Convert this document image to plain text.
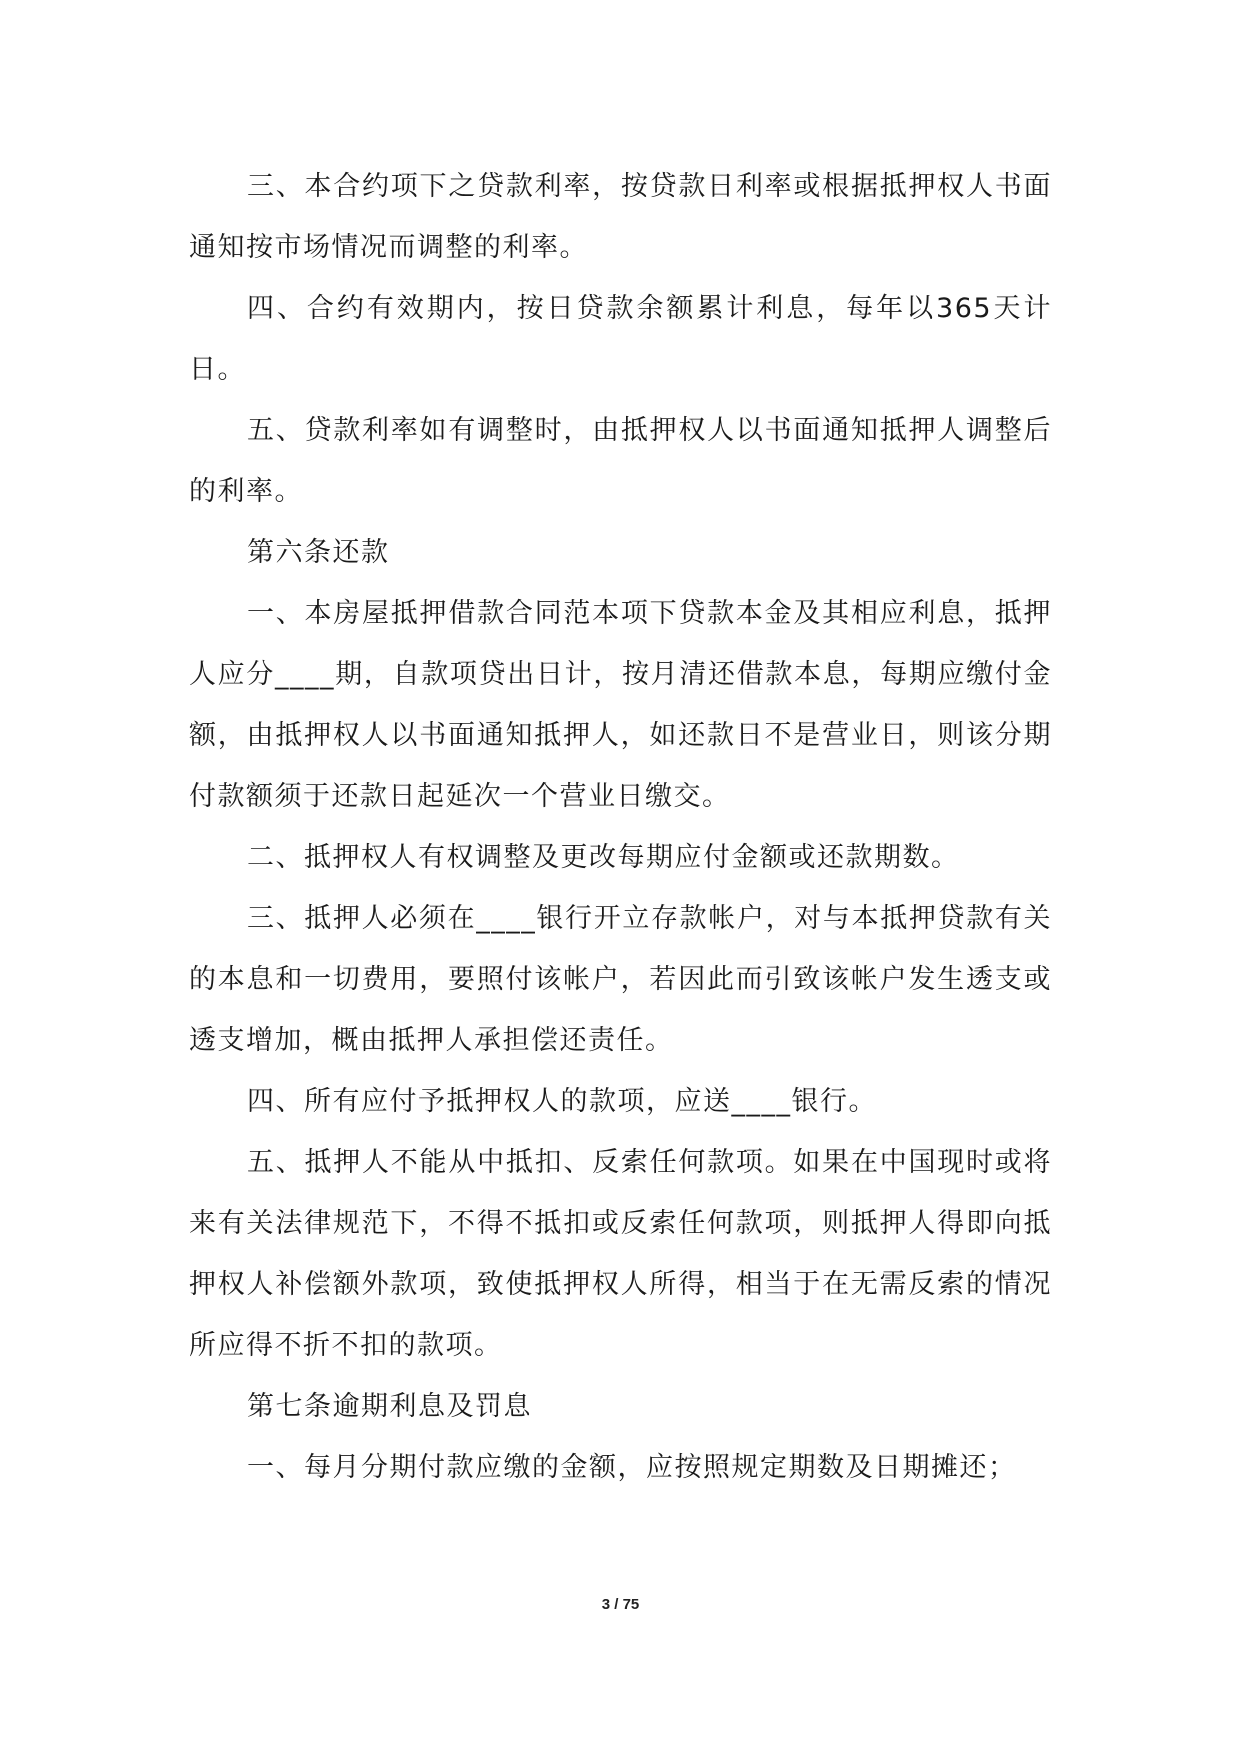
三、本合约项下之贷款利率，按贷款日利率或根据抵押权人书面通知按市场情况而调整的利率。

四、合约有效期内，按日贷款余额累计利息，每年以365天计日。

五、贷款利率如有调整时，由抵押权人以书面通知抵押人调整后的利率。

第六条还款

一、本房屋抵押借款合同范本项下贷款本金及其相应利息，抵押人应分____期，自款项贷出日计，按月清还借款本息，每期应缴付金额，由抵押权人以书面通知抵押人，如还款日不是营业日，则该分期付款额须于还款日起延次一个营业日缴交。

二、抵押权人有权调整及更改每期应付金额或还款期数。

三、抵押人必须在____银行开立存款帐户，对与本抵押贷款有关的本息和一切费用，要照付该帐户，若因此而引致该帐户发生透支或透支增加，概由抵押人承担偿还责任。

四、所有应付予抵押权人的款项，应送____银行。

五、抵押人不能从中抵扣、反索任何款项。如果在中国现时或将来有关法律规范下，不得不抵扣或反索任何款项，则抵押人得即向抵押权人补偿额外款项，致使抵押权人所得，相当于在无需反索的情况所应得不折不扣的款项。

第七条逾期利息及罚息

一、每月分期付款应缴的金额，应按照规定期数及日期摊还；

3 / 75
